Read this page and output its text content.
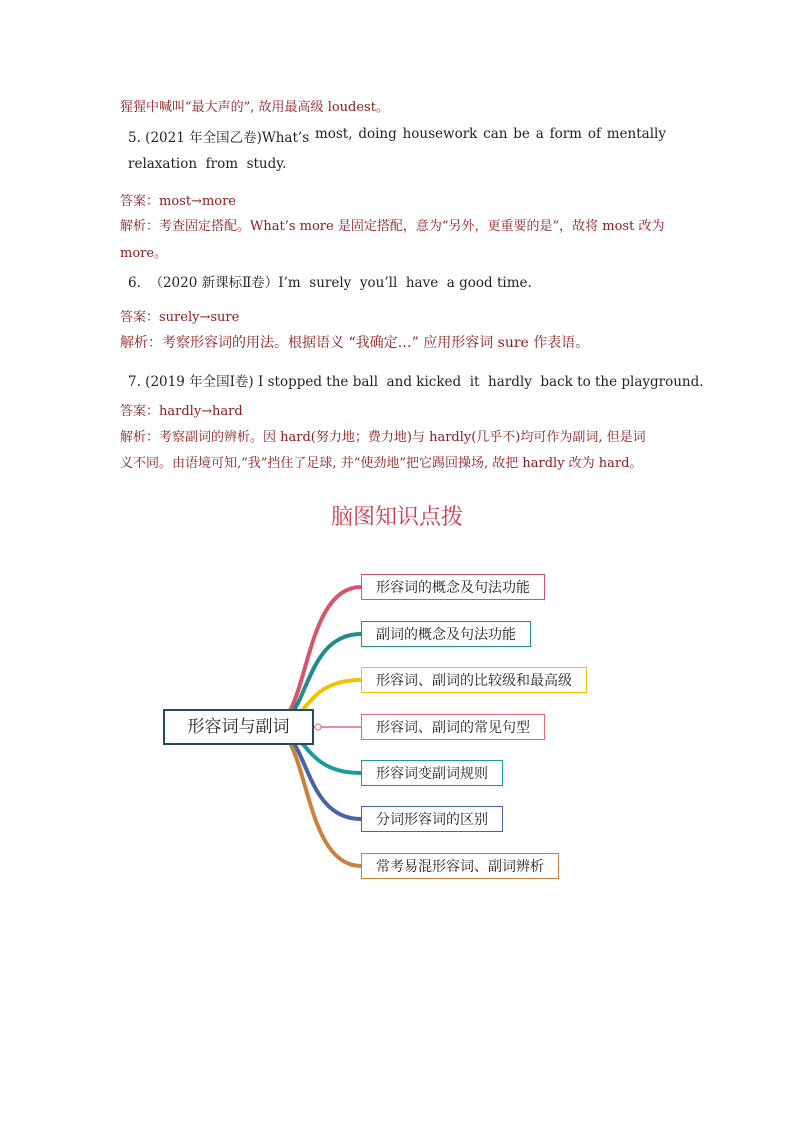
猩猩中喊叫“最大声的”, 故用最高级 loudest。
5. (2021 年全国乙卷)What’s most, doing housework can be a form of mentally
relaxation  from  study.
答案：most→more
解析：考查固定搭配。What’s more 是固定搭配，意为“另外，更重要的是”，故将 most 改为
more。
6.  （2020 新课标Ⅱ卷）I’m  surely  you’ll  have  a good time.
答案：surely→sure
解析：考察形容词的用法。根据语义 “我确定…” 应用形容词 sure 作表语。
7. (2019 年全国Ⅰ卷) I stopped the ball  and kicked  it  hardly  back to the playground.
答案：hardly→hard
解析：考察副词的辨析。因 hard(努力地；费力地)与 hardly(几乎不)均可作为副词, 但是词
义不同。由语境可知,“我”挡住了足球, 并“使劲地”把它踢回操场, 故把 hardly 改为 hard。
脑图知识点拨
形容词与副词
形容词的概念及句法功能
副词的概念及句法功能
形容词、副词的比较级和最高级
形容词、副词的常见句型
形容词变副词规则
分词形容词的区别
常考易混形容词、副词辨析
